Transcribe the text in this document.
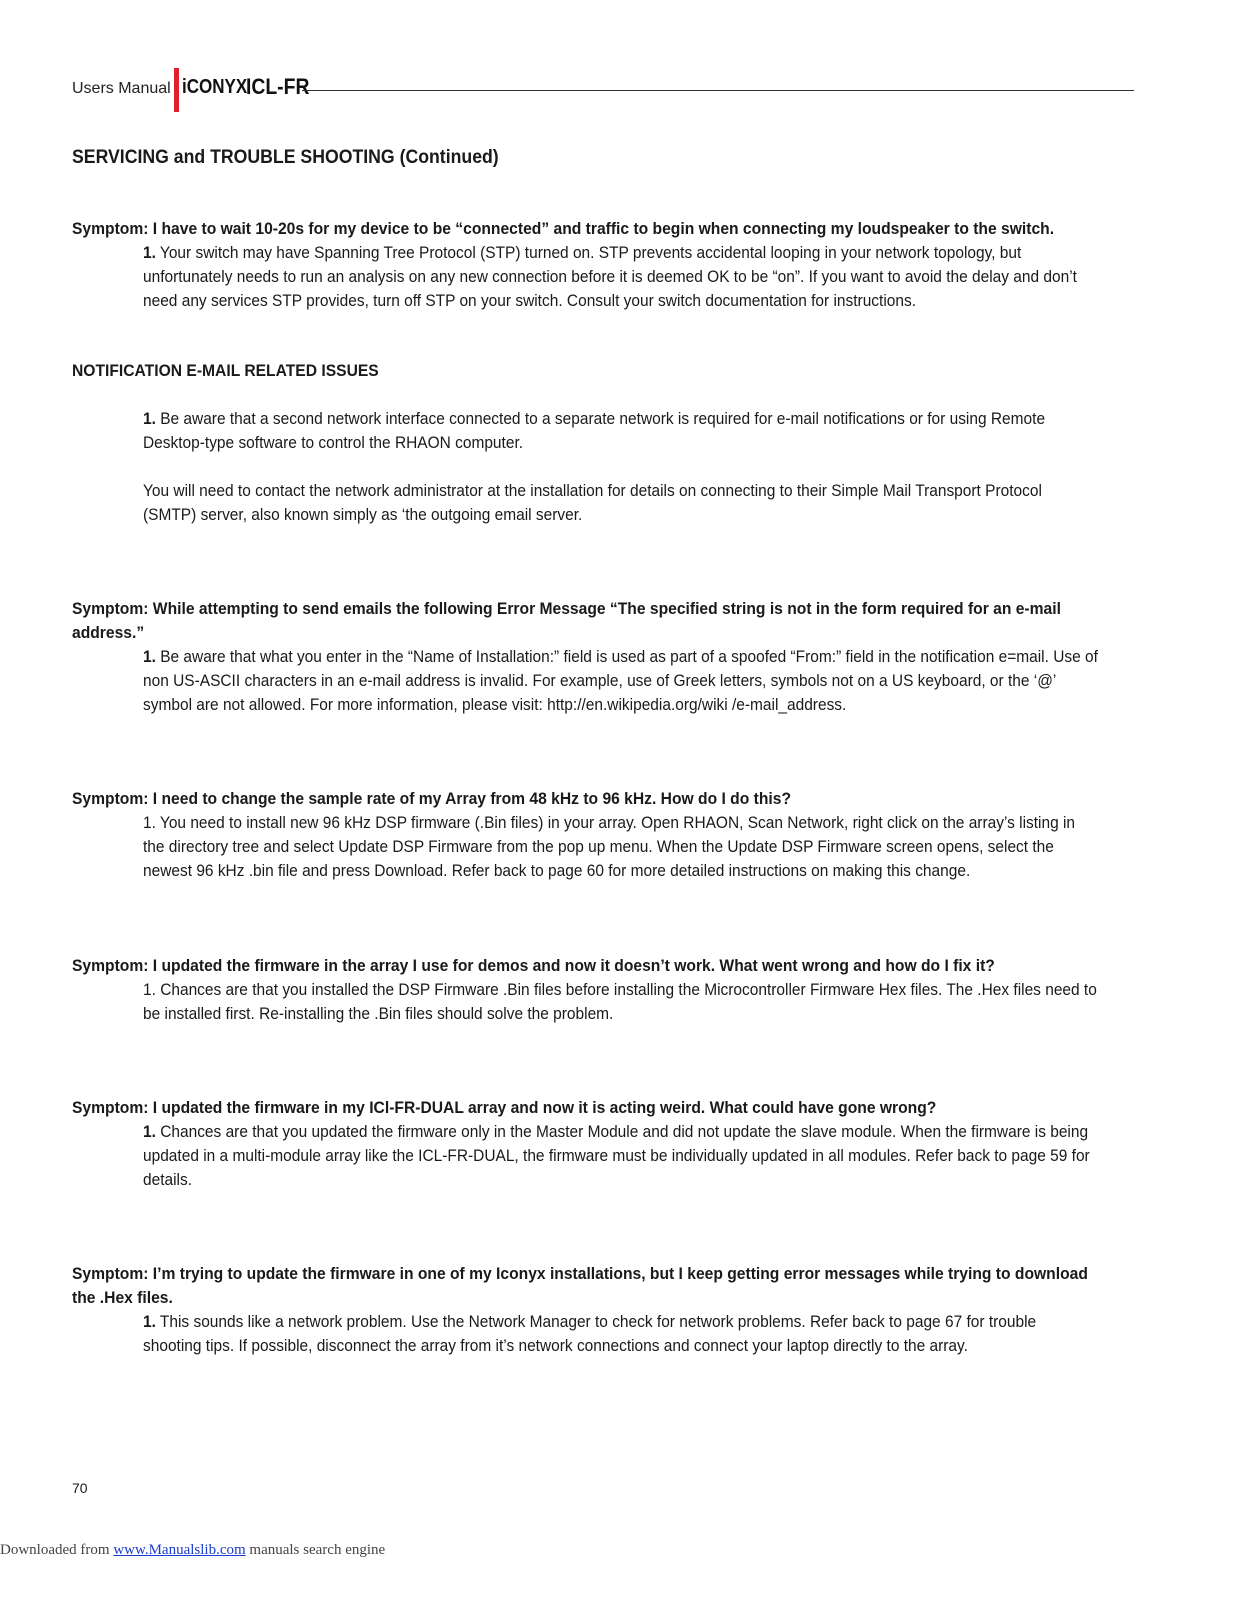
Users Manual iCONYX
ICL-FR
SERVICING and TROUBLE SHOOTING (Continued)
Symptom: I have to wait 10-20s for my device to be “connected” and traffic to begin when connecting my loudspeaker to the switch.
1. Your switch may have Spanning Tree Protocol (STP) turned on. STP prevents accidental looping in your network topology, but unfortunately needs to run an analysis on any new connection before it is deemed OK to be “on”. If you want to avoid the delay and don’t need any services STP provides, turn off STP on your switch. Consult your switch documentation for instructions.
NOTIFICATION E-MAIL RELATED ISSUES
1. Be aware that a second network interface connected to a separate network is required for e-mail notifications or for using Remote Desktop-type software to control the RHAON computer.
You will need to contact the network administrator at the installation for details on connecting to their Simple Mail Transport Protocol (SMTP) server, also known simply as ‘the outgoing email server.
Symptom: While attempting to send emails the following Error Message “The specified string is not in the form required for an e-mail address.”
1. Be aware that what you enter in the “Name of Installation:” field is used as part of a spoofed “From:” field in the notification e=mail. Use of non US-ASCII characters in an e-mail address is invalid. For example, use of Greek letters, symbols not on a US keyboard, or the ‘@’ symbol are not allowed. For more information, please visit: http://en.wikipedia.org/wiki /e-mail_address.
Symptom: I need to change the sample rate of my Array from 48 kHz to 96 kHz. How do I do this?
1. You need to install new 96 kHz DSP firmware (.Bin files) in your array. Open RHAON, Scan Network, right click on the array’s listing in the directory tree and select Update DSP Firmware from the pop up menu. When the Update DSP Firmware screen opens, select the newest 96 kHz .bin file and press Download. Refer back to page 60 for more detailed instructions on making this change.
Symptom: I updated the firmware in the array I use for demos and now it doesn’t work. What went wrong and how do I fix it?
1. Chances are that you installed the DSP Firmware .Bin files before installing the Microcontroller Firmware Hex files. The .Hex files need to be installed first. Re-installing the .Bin files should solve the problem.
Symptom: I updated the firmware in my ICl-FR-DUAL array and now it is acting weird. What could have gone wrong?
1. Chances are that you updated the firmware only in the Master Module and did not update the slave module. When the firmware is being updated in a multi-module array like the ICL-FR-DUAL, the firmware must be individually updated in all modules. Refer back to page 59 for details.
Symptom: I’m trying to update the firmware in one of my Iconyx installations, but I keep getting error messages while trying to download the .Hex files.
1. This sounds like a network problem. Use the Network Manager to check for network problems. Refer back to page 67 for trouble shooting tips. If possible, disconnect the array from it’s network connections and connect your laptop directly to the array.
70
Downloaded from www.Manualslib.com manuals search engine
